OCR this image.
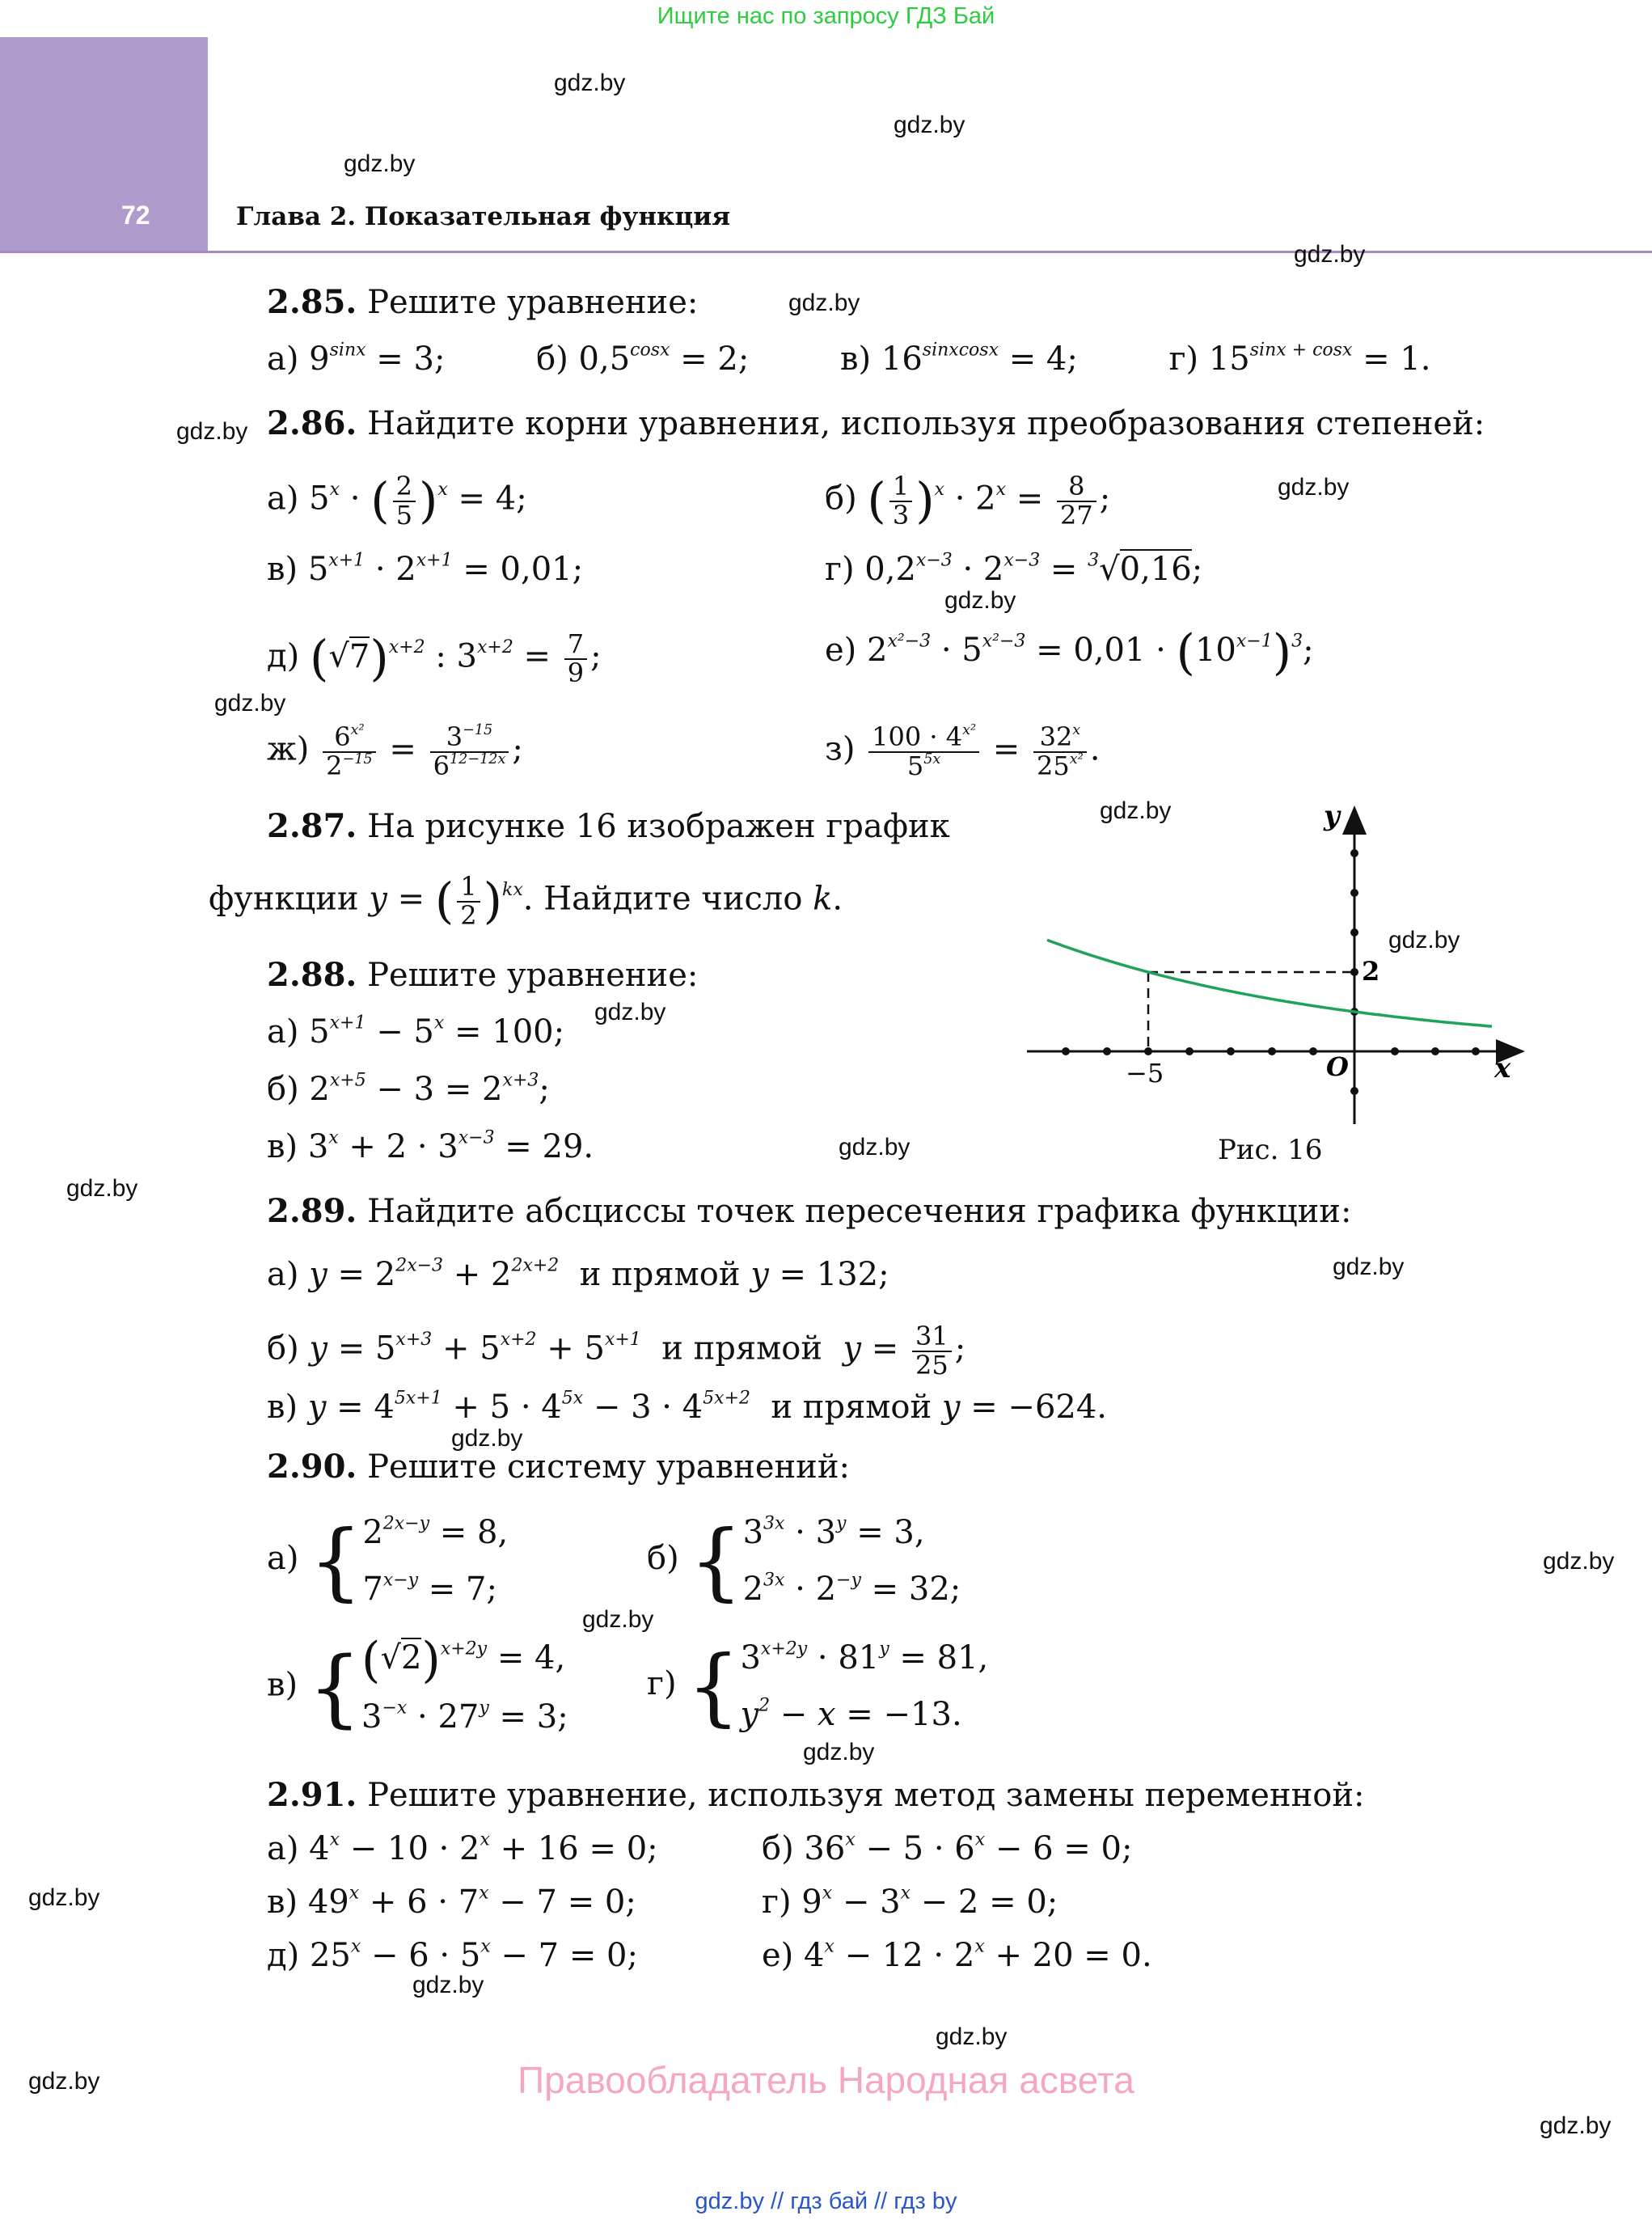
Ищите нас по запросу ГДЗ Бай
72	Глава 2. Показательная функция
gdz.by
gdz.by
gdz.by
gdz.by
gdz.by
gdz.by
gdz.by
gdz.by
gdz.by
gdz.by
gdz.by
gdz.by
gdz.by
gdz.by
gdz.by
gdz.by
gdz.by
gdz.by
gdz.by
gdz.by
gdz.by
gdz.by
gdz.by
gdz.by
2.85. Решите уравнение:
а) $9^{sinx} = 3$;	б) $0,5^{cosx} = 2$;	в) $16^{sinxcosx} = 4$;	г) $15^{sinx + cosx} = 1$.
2.86. Найдите корни уравнения, используя преобразования степеней:
а) $5^x$ · ( $\frac{2}{5} )^x = 4$;	б) ( $\frac{1}{3} )^x \cdot 2^x = \frac{8}{27}$ ;
в) $5^{x+1} \cdot 2^{x+1} = 0,01$;	г) $0,2^{x-3} \cdot 2^{x-3} = ^3√0,16$;
д) $(√7)^{x+2}$ : $3^{x+2} = \frac{7}{9}$ ;	е) $2^{x^2-3} \cdot 5^{x^2-3} = 0,01 \cdot (10^{x-1})^3$;
$ж) \frac{6^{x^2}}{2^{-15}} = \frac{3^{-15}}{6^{12-12x}}$ ;	$з) \frac{100 \cdot 4^{x^2}}{5^{5x}} = \frac{32^x}{25^{x^2}}$ .
2.87. На рисунке 16 изображен график
функции y = ( $\frac{1}{2} )^{kx}$. Найдите число k.
−5	O	x
y
2
Рис. 16
2.88. Решите уравнение:
а) $5^{x+1} - 5^x = 100$;
б) $2^{x+5} - 3 = 2^{x+3}$;
в) $3^x + 2 \cdot 3^{x-3} = 29$.
2.89. Найдите абсциссы точек пересечения графика функции:
а) $y = 2^{2x-3} + 2^{2x+2}$  и прямой y = 132;
б) $y = 5^{x+3} + 5^{x+2} + 5^{x+1}$  и прямой  $y = \frac{31}{25}$ ;
в) $y = 4^{5x+1} + 5 \cdot 4^{5x} - 3 \cdot 4^{5x+2}$  и прямой y = −624.
2.90. Решите систему уравнений:
а) {$2^{2x-y} = 8$,
$7^{x-y} = 7$;
б) {$3^{3x} \cdot 3^y = 3$,
$2^{3x} \cdot 2^{-y} = 32$;
в) {$(√2)^{x+2y} = 4$,
$3^{-x} \cdot 27^y = 3$;
г) {$3^{x+2y} \cdot 81^y = 81$,
$y^2 - x = -13$.
2.91. Решите уравнение, используя метод замены переменной:
а) $4^x - 10 \cdot 2^x + 16 = 0$;	б) $36^x - 5 \cdot 6^x - 6 = 0$;
в) $49^x + 6 \cdot 7^x - 7 = 0$;	г) $9^x - 3^x - 2 = 0$;
д) $25^x - 6 \cdot 5^x - 7 = 0$;	е) $4^x - 12 \cdot 2^x + 20 = 0$.
Правообладатель Народная асвета
gdz.by // гдз бай // гдз by
